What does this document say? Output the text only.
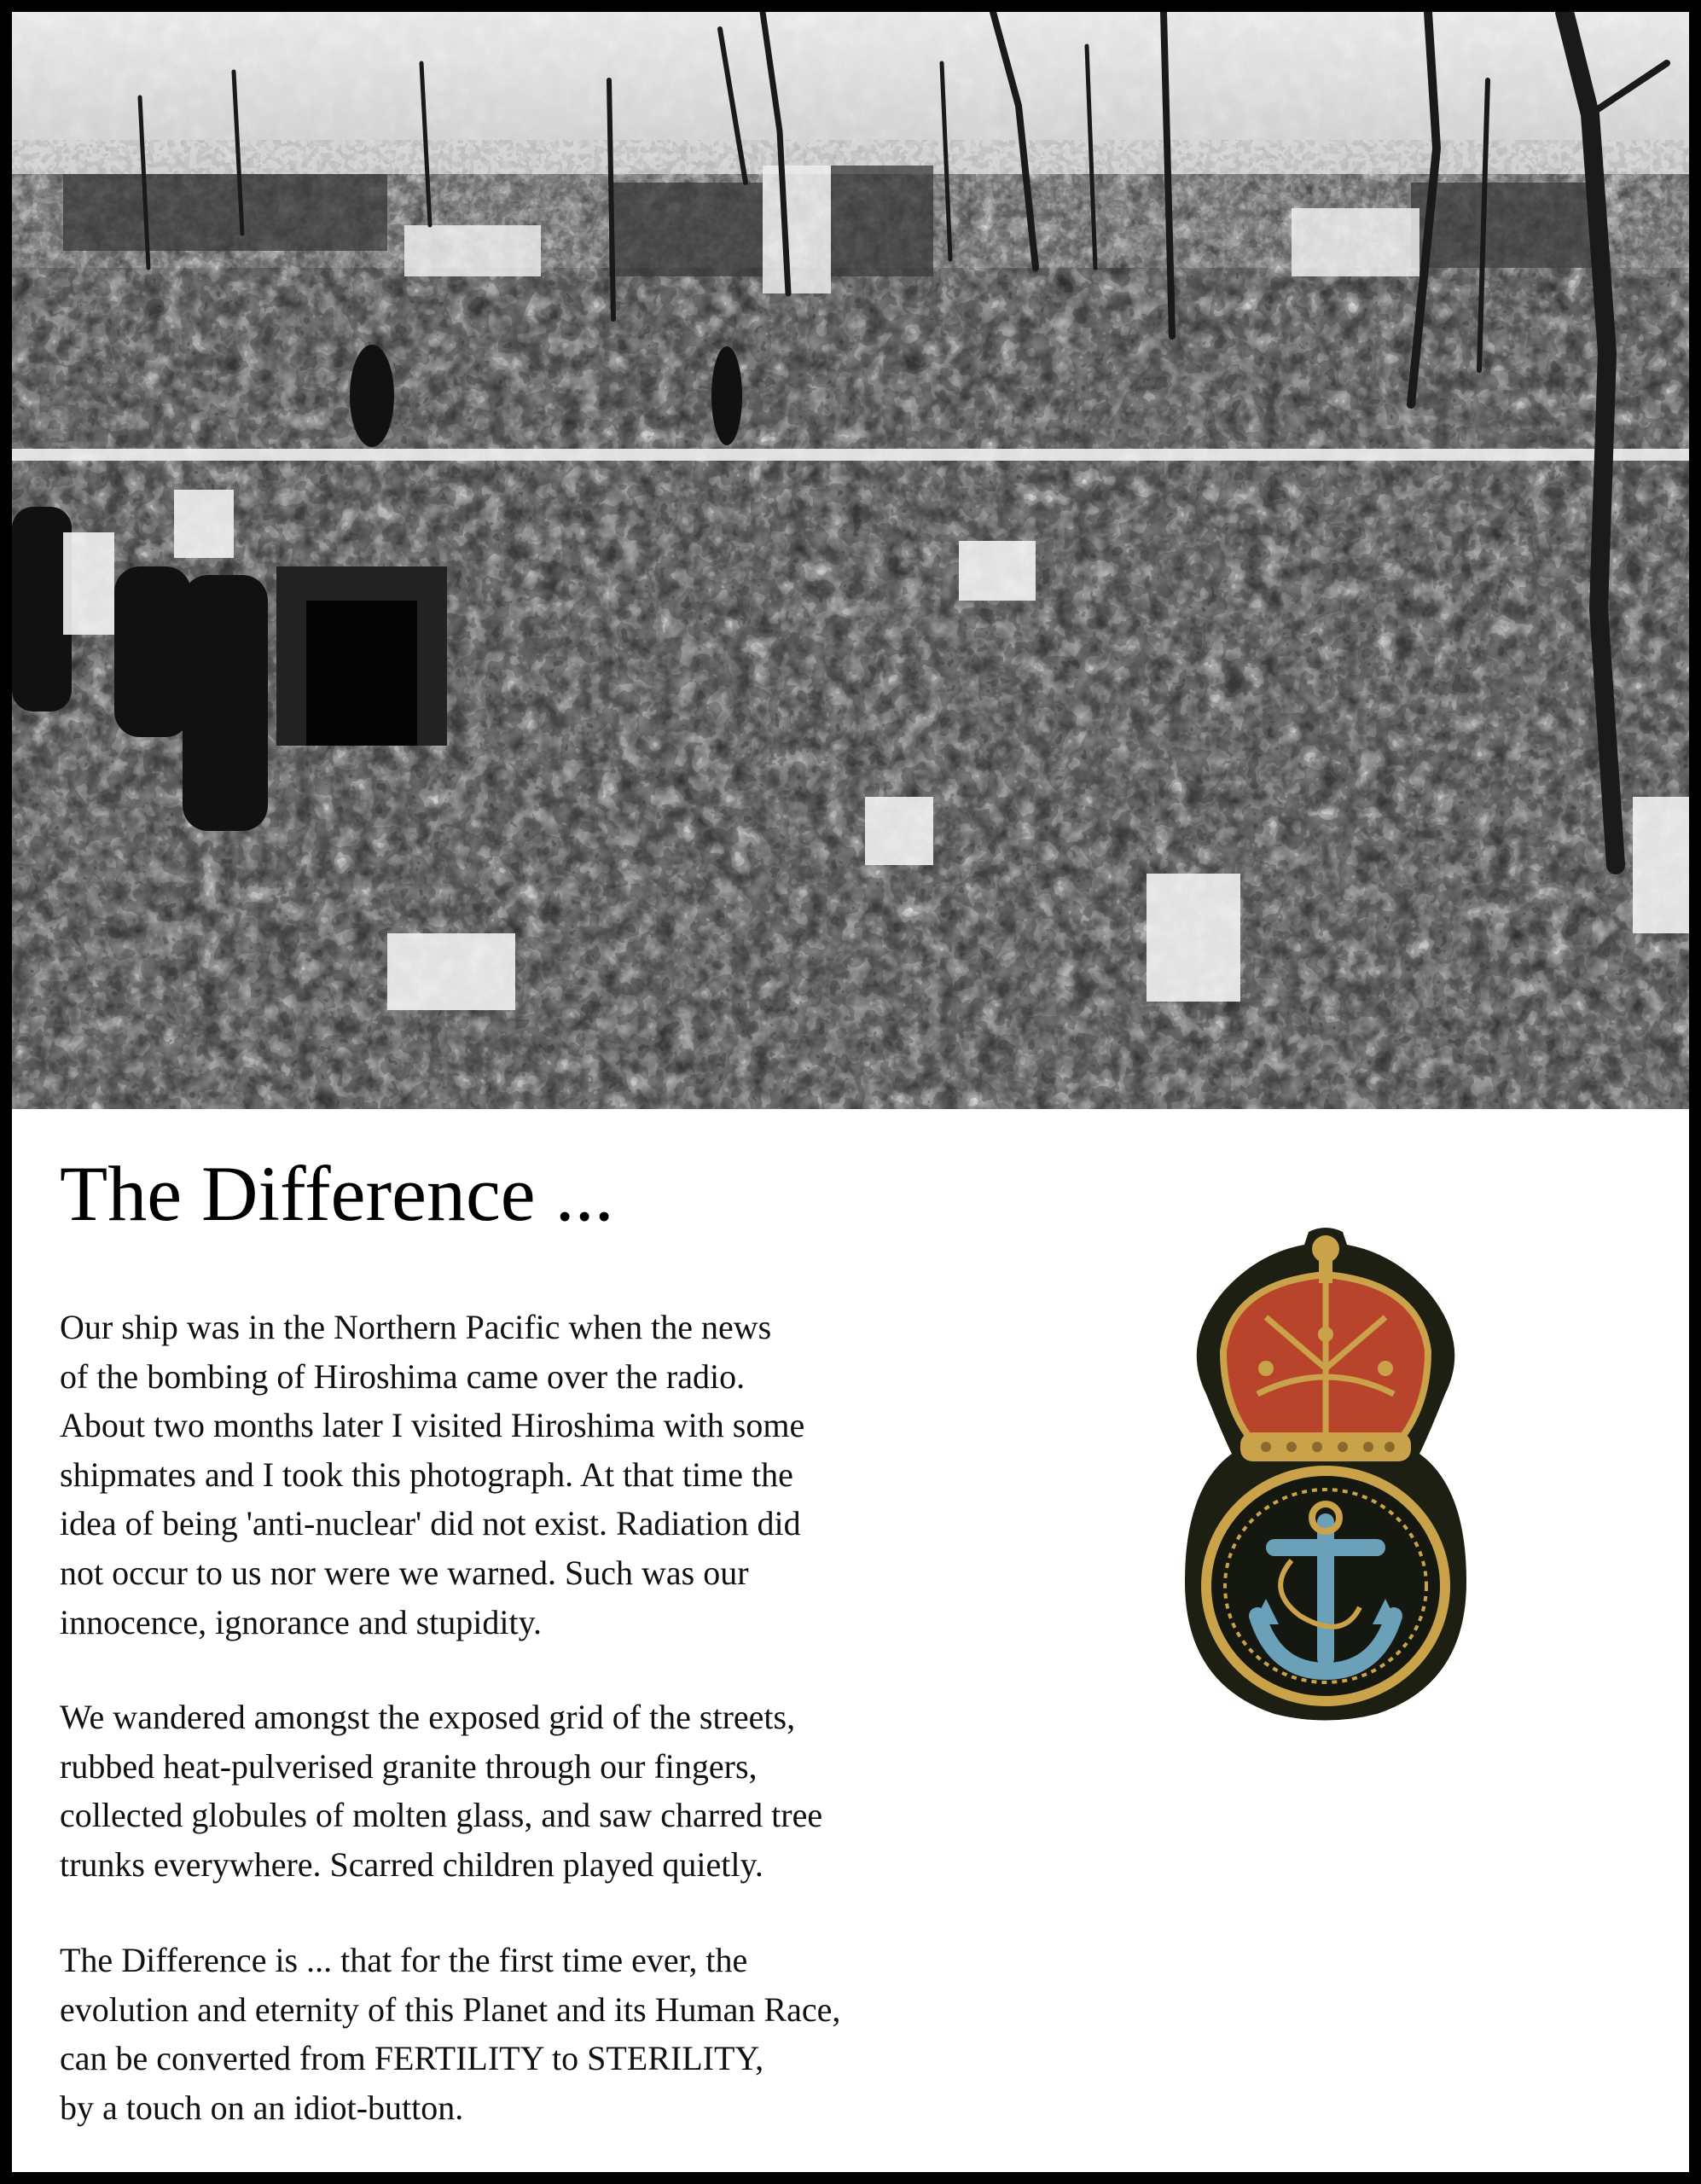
The Difference ...

Our ship was in the Northern Pacific when the news
of the bombing of Hiroshima came over the radio.
About two months later I visited Hiroshima with some
shipmates and I took this photograph. At that time the
idea of being 'anti-nuclear' did not exist. Radiation did
not occur to us nor were we warned. Such was our
innocence, ignorance and stupidity.

We wandered amongst the exposed grid of the streets,
rubbed heat-pulverised granite through our fingers,
collected globules of molten glass, and saw charred tree
trunks everywhere. Scarred children played quietly.

The Difference is ... that for the first time ever, the
evolution and eternity of this Planet and its Human Race,
can be converted from FERTILITY to STERILITY,
by a touch on an idiot-button.
